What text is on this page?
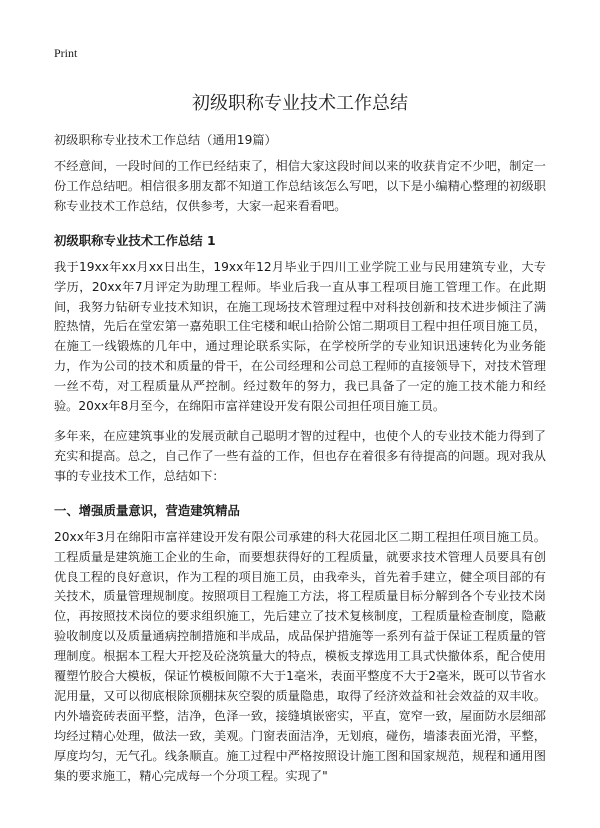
Print

初级职称专业技术工作总结

初级职称专业技术工作总结（通用19篇）

不经意间，一段时间的工作已经结束了，相信大家这段时间以来的收获肯定不少吧，制定一份工作总结吧。相信很多朋友都不知道工作总结该怎么写吧，以下是小编精心整理的初级职称专业技术工作总结，仅供参考，大家一起来看看吧。

初级职称专业技术工作总结 1

我于19xx年xx月xx日出生，19xx年12月毕业于四川工业学院工业与民用建筑专业，大专学历，20xx年7月评定为助理工程师。毕业后我一直从事工程项目施工管理工作。在此期间，我努力钻研专业技术知识，在施工现场技术管理过程中对科技创新和技术进步倾注了满腔热情，先后在堂宏第一嘉苑职工住宅楼和岷山拾阶公馆二期项目工程中担任项目施工员，在施工一线锻炼的几年中，通过理论联系实际，在学校所学的专业知识迅速转化为业务能力，作为公司的技术和质量的骨干，在公司经理和公司总工程师的直接领导下，对技术管理一丝不苟，对工程质量从严控制。经过数年的努力，我已具备了一定的施工技术能力和经验。20xx年8月至今，在绵阳市富祥建设开发有限公司担任项目施工员。

多年来，在应建筑事业的发展贡献自己聪明才智的过程中，也使个人的专业技术能力得到了充实和提高。总之，自己作了一些有益的工作，但也存在着很多有待提高的问题。现对我从事的专业技术工作，总结如下：

一、增强质量意识，营造建筑精品

20xx年3月在绵阳市富祥建设开发有限公司承建的科大花园北区二期工程担任项目施工员。工程质量是建筑施工企业的生命，而要想获得好的工程质量，就要求技术管理人员要具有创优良工程的良好意识，作为工程的项目施工员，由我牵头，首先着手建立，健全项目部的有关技术，质量管理规制度。按照项目工程施工方法，将工程质量目标分解到各个专业技术岗位，再按照技术岗位的要求组织施工，先后建立了技术复核制度，工程质量检查制度，隐蔽验收制度以及质量通病控制措施和半成品，成品保护措施等一系列有益于保证工程质量的管理制度。根据本工程大开挖及砼浇筑量大的特点，模板支撑选用工具式快撤体系，配合使用覆塑竹胶合大模板，保证竹模板间隙不大于1毫米，表面平整度不大于2毫米，既可以节省水泥用量，又可以彻底根除顶棚抹灰空裂的质量隐患，取得了经济效益和社会效益的双丰收。内外墙瓷砖表面平整，洁净，色泽一致，接缝填嵌密实，平直，宽窄一致，屋面防水层细部均经过精心处理，做法一致，美观。门窗表面洁净，无划痕，碰伤，墙漆表面光滑，平整，厚度均匀，无气孔。线条顺直。施工过程中严格按照设计施工图和国家规范，规程和通用图集的要求施工，精心完成每一个分项工程。实现了"
